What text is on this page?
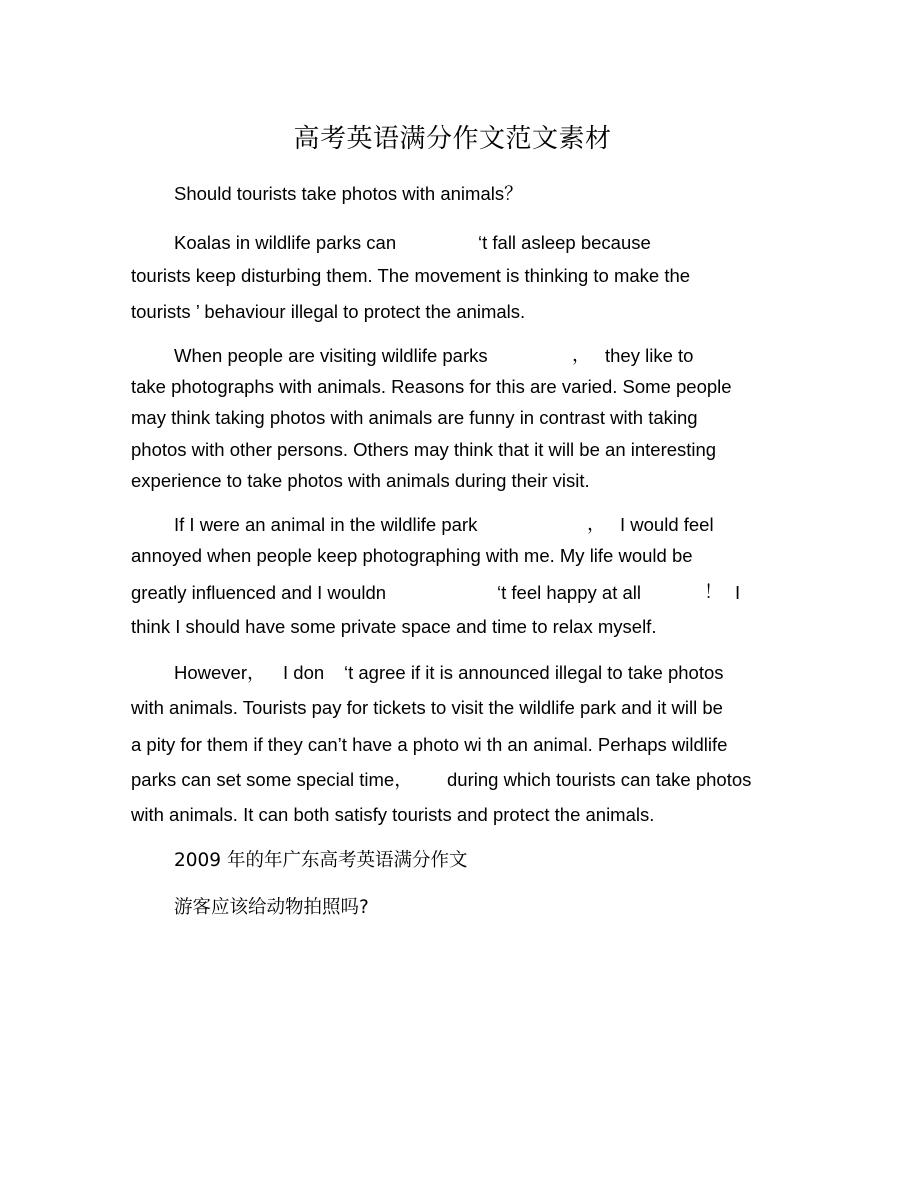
高考英语满分作文范文素材
Should tourists take photos with animals？
Koalas in wildlife parks can	‘t fall asleep because
tourists keep disturbing them. The movement is thinking to make the
tourists ’ behaviour illegal to protect the animals.
When people are visiting wildlife parks	， they like to
take photographs with animals. Reasons for this are varied. Some people
may think taking photos with animals are funny in contrast with taking
photos with other persons. Others may think that it will be an interesting
experience to take photos with animals during their visit.
If I were an animal in the wildlife park	， I would feel
annoyed when people keep photographing with me. My life would be
greatly influenced and I wouldn	‘t feel happy at all	！ I
think I should have some private space and time to relax myself.
However， I don ‘t agree if it is announced illegal to take photos
with animals. Tourists pay for tickets to visit the wildlife park and it will be
a pity for them if they can’t have a photo wi th an animal. Perhaps wildlife
parks can set some special time， during which tourists can take photos
with animals. It can both satisfy tourists and protect the animals.
2009 年的年广东高考英语满分作文
游客应该给动物拍照吗?
